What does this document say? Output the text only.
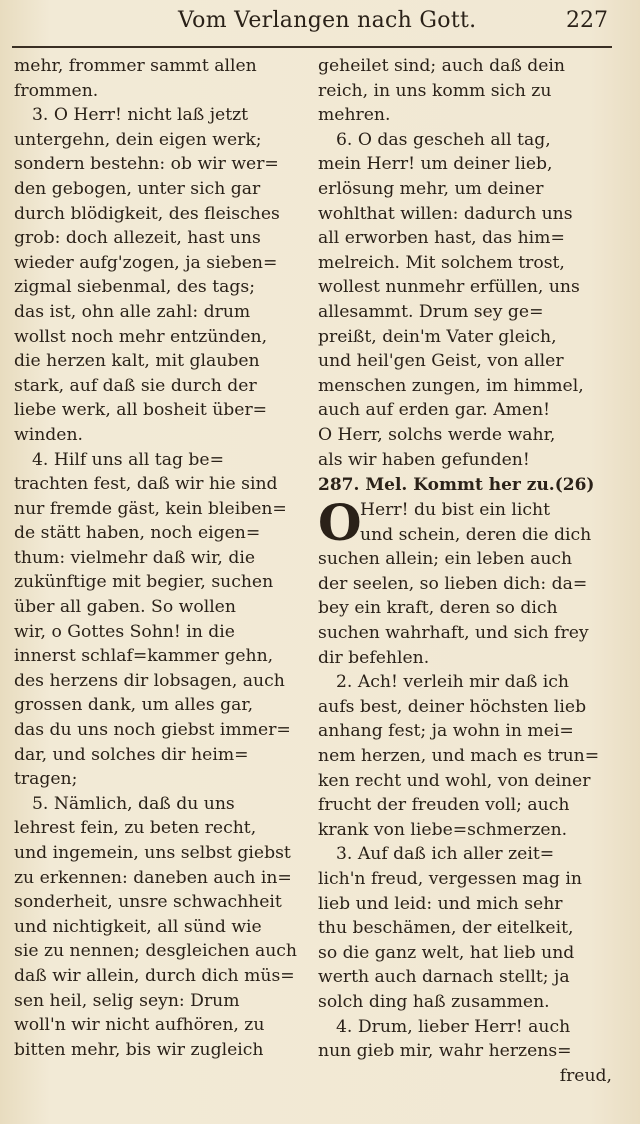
Vom Verlangen nach Gott.	227
mehr, frommer sammt allen
frommen.
3. O Herr! nicht laß jetzt
untergehn, dein eigen werk;
sondern bestehn: ob wir wer=
den gebogen, unter sich gar
durch blödigkeit, des fleisches
grob: doch allezeit, hast uns
wieder aufg'zogen, ja sieben=
zigmal siebenmal, des tags;
das ist, ohn alle zahl: drum
wollst noch mehr entzünden,
die herzen kalt, mit glauben
stark, auf daß sie durch der
liebe werk, all bosheit über=
winden.
4. Hilf uns all tag be=
trachten fest, daß wir hie sind
nur fremde gäst, kein bleiben=
de stätt haben, noch eigen=
thum: vielmehr daß wir, die
zukünftige mit begier, suchen
über all gaben. So wollen
wir, o Gottes Sohn! in die
innerst schlaf=kammer gehn,
des herzens dir lobsagen, auch
grossen dank, um alles gar,
das du uns noch giebst immer=
dar, und solches dir heim=
tragen;
5. Nämlich, daß du uns
lehrest fein, zu beten recht,
und ingemein, uns selbst giebst
zu erkennen: daneben auch in=
sonderheit, unsre schwachheit
und nichtigkeit, all sünd wie
sie zu nennen; desgleichen auch
daß wir allein, durch dich müs=
sen heil, selig seyn: Drum
woll'n wir nicht aufhören, zu
bitten mehr, bis wir zugleich
geheilet sind; auch daß dein
reich, in uns komm sich zu
mehren.
6. O das gescheh all tag,
mein Herr! um deiner lieb,
erlösung mehr, um deiner
wohlthat willen: dadurch uns
all erworben hast, das him=
melreich. Mit solchem trost,
wollest nunmehr erfüllen, uns
allesammt. Drum sey ge=
preißt, dein'm Vater gleich,
und heil'gen Geist, von aller
menschen zungen, im himmel,
auch auf erden gar. Amen!
O Herr, solchs werde wahr,
als wir haben gefunden!
287. Mel. Kommt her zu.(26)
O
Herr! du bist ein licht
und schein, deren die dich
suchen allein; ein leben auch
der seelen, so lieben dich: da=
bey ein kraft, deren so dich
suchen wahrhaft, und sich frey
dir befehlen.
2. Ach! verleih mir daß ich
aufs best, deiner höchsten lieb
anhang fest; ja wohn in mei=
nem herzen, und mach es trun=
ken recht und wohl, von deiner
frucht der freuden voll; auch
krank von liebe=schmerzen.
3. Auf daß ich aller zeit=
lich'n freud, vergessen mag in
lieb und leid: und mich sehr
thu beschämen, der eitelkeit,
so die ganz welt, hat lieb und
werth auch darnach stellt; ja
solch ding haß zusammen.
4. Drum, lieber Herr! auch
nun gieb mir, wahr herzens=
freud,
